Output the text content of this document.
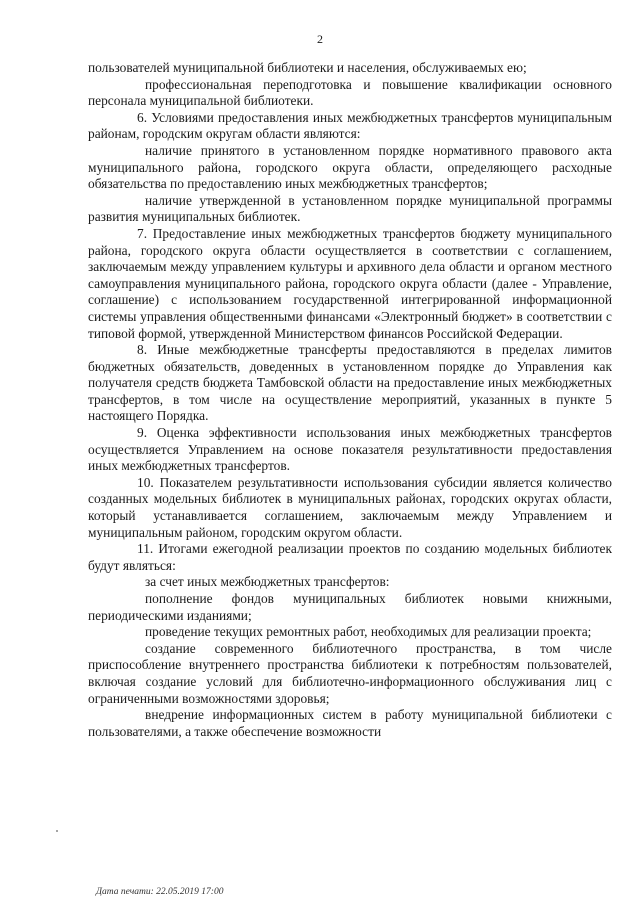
2

пользователей муниципальной библиотеки и населения, обслуживаемых ею;

профессиональная переподготовка и повышение квалификации основного персонала муниципальной библиотеки.

6. Условиями предоставления иных межбюджетных трансфертов муниципальным районам, городским округам области являются:

наличие принятого в установленном порядке нормативного правового акта муниципального района, городского округа области, определяющего расходные обязательства по предоставлению иных межбюджетных трансфертов;

наличие утвержденной в установленном порядке муниципальной программы развития муниципальных библиотек.

7. Предоставление иных межбюджетных трансфертов бюджету муниципального района, городского округа области осуществляется в соответствии с соглашением, заключаемым между управлением культуры и архивного дела области и органом местного самоуправления муниципального района, городского округа области (далее - Управление, соглашение) с использованием государственной интегрированной информационной системы управления общественными финансами «Электронный бюджет» в соответствии с типовой формой, утвержденной Министерством финансов Российской Федерации.

8. Иные межбюджетные трансферты предоставляются в пределах лимитов бюджетных обязательств, доведенных в установленном порядке до Управления как получателя средств бюджета Тамбовской области на предоставление иных межбюджетных трансфертов, в том числе на осуществление мероприятий, указанных в пункте 5 настоящего Порядка.

9. Оценка эффективности использования иных межбюджетных трансфертов осуществляется Управлением на основе показателя результативности предоставления иных межбюджетных трансфертов.

10. Показателем результативности использования субсидии является количество созданных модельных библиотек в муниципальных районах, городских округах области, который устанавливается соглашением, заключаемым между Управлением и муниципальным районом, городским округом области.

11. Итогами ежегодной реализации проектов по созданию модельных библиотек будут являться:

за счет иных межбюджетных трансфертов:

пополнение фондов муниципальных библиотек новыми книжными, периодическими изданиями;

проведение текущих ремонтных работ, необходимых для реализации проекта;

создание современного библиотечного пространства, в том числе приспособление внутреннего пространства библиотеки к потребностям пользователей, включая создание условий для библиотечно-информационного обслуживания лиц с ограниченными возможностями здоровья;

внедрение информационных систем в работу муниципальной библиотеки с пользователями, а также обеспечение возможности

Дата печати: 22.05.2019 17:00
